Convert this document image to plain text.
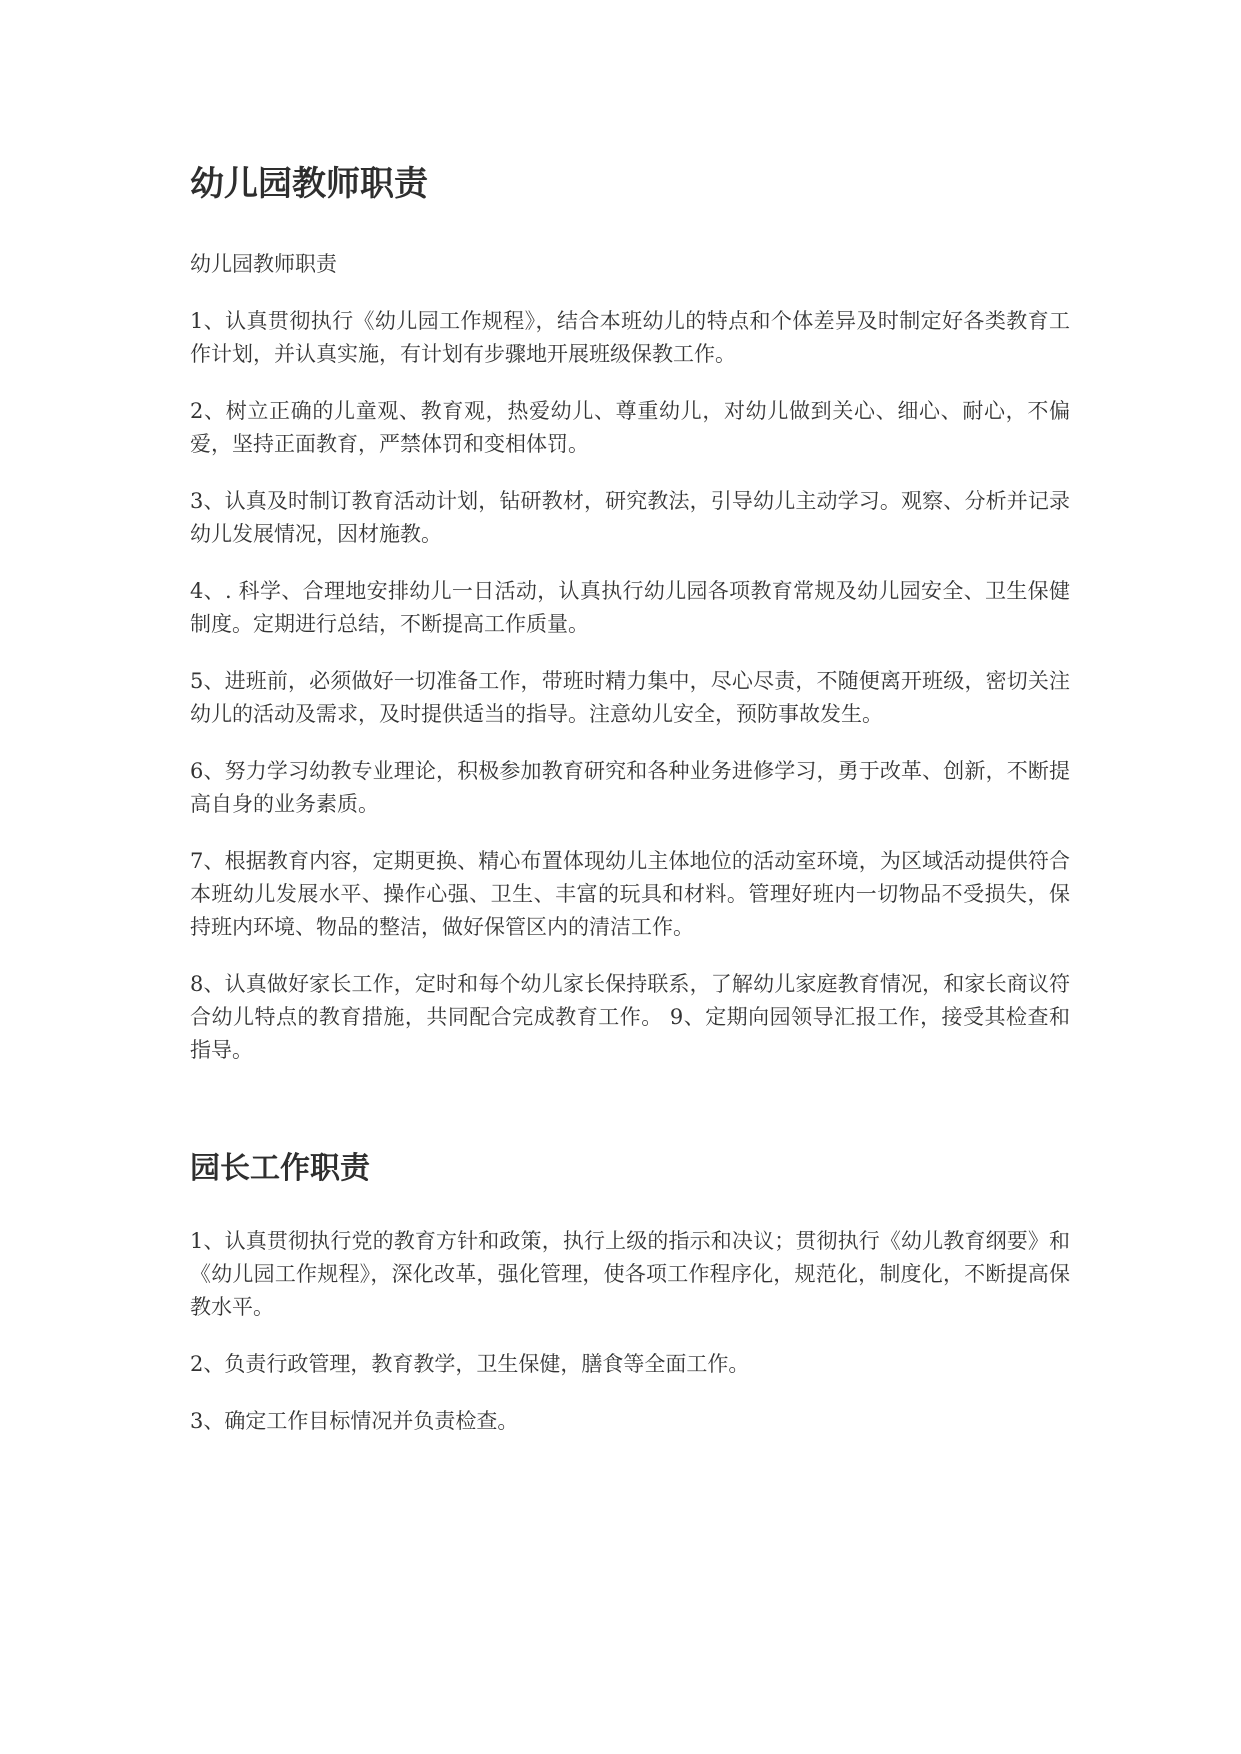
幼儿园教师职责

幼儿园教师职责

1、认真贯彻执行《幼儿园工作规程》，结合本班幼儿的特点和个体差异及时制定好各类教育工作计划，并认真实施，有计划有步骤地开展班级保教工作。

2、树立正确的儿童观、教育观，热爱幼儿、尊重幼儿，对幼儿做到关心、细心、耐心，不偏爱，坚持正面教育，严禁体罚和变相体罚。

3、认真及时制订教育活动计划，钻研教材，研究教法，引导幼儿主动学习。观察、分析并记录幼儿发展情况，因材施教。

4、. 科学、合理地安排幼儿一日活动，认真执行幼儿园各项教育常规及幼儿园安全、卫生保健制度。定期进行总结，不断提高工作质量。

5、进班前，必须做好一切准备工作，带班时精力集中，尽心尽责，不随便离开班级，密切关注幼儿的活动及需求，及时提供适当的指导。注意幼儿安全，预防事故发生。

6、努力学习幼教专业理论，积极参加教育研究和各种业务进修学习，勇于改革、创新，不断提高自身的业务素质。

7、根据教育内容，定期更换、精心布置体现幼儿主体地位的活动室环境，为区域活动提供符合本班幼儿发展水平、操作心强、卫生、丰富的玩具和材料。管理好班内一切物品不受损失，保持班内环境、物品的整洁，做好保管区内的清洁工作。

8、认真做好家长工作，定时和每个幼儿家长保持联系，了解幼儿家庭教育情况，和家长商议符合幼儿特点的教育措施，共同配合完成教育工作。 9、定期向园领导汇报工作，接受其检查和指导。

园长工作职责

1、认真贯彻执行党的教育方针和政策，执行上级的指示和决议；贯彻执行《幼儿教育纲要》和《幼儿园工作规程》，深化改革，强化管理，使各项工作程序化，规范化，制度化，不断提高保教水平。

2、负责行政管理，教育教学，卫生保健，膳食等全面工作。

3、确定工作目标情况并负责检查。
